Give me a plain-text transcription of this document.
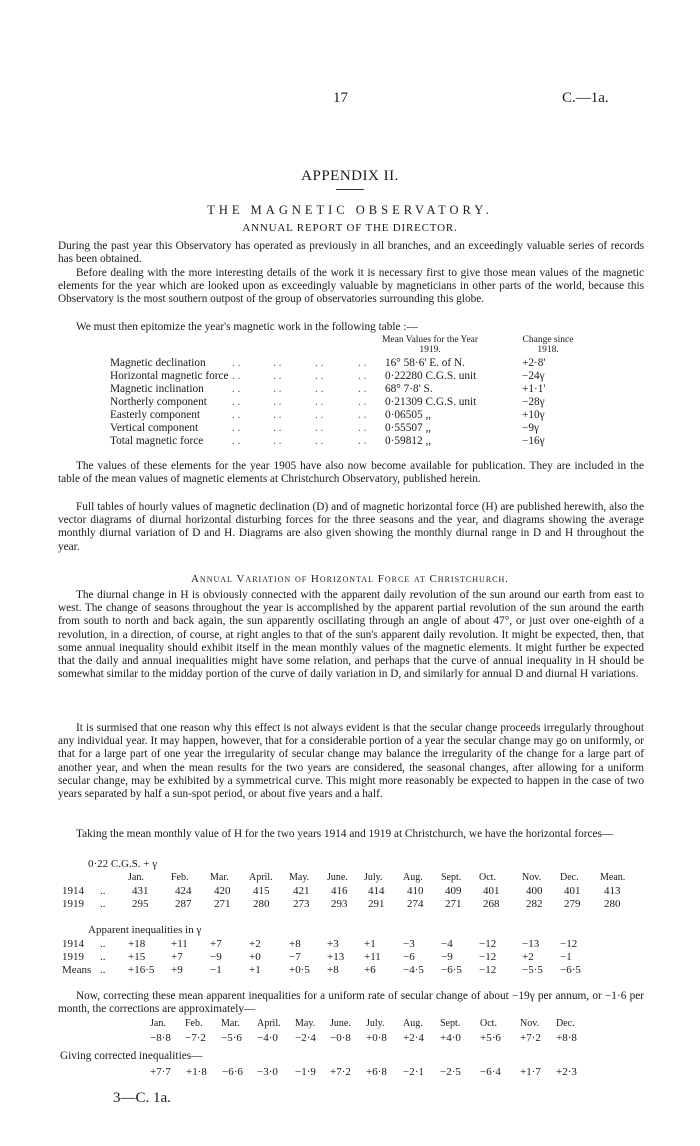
17	C.—1a.
APPENDIX II.
THE MAGNETIC OBSERVATORY.
ANNUAL REPORT OF THE DIRECTOR.
During the past year this Observatory has operated as previously in all branches, and an exceedingly valuable series of records has been obtained.
Before dealing with the more interesting details of the work it is necessary first to give those mean values of the magnetic elements for the year which are looked upon as exceedingly valuable by magneticians in other parts of the world, because this Observatory is the most southern outpost of the group of observatories surrounding this globe.
We must then epitomize the year's magnetic work in the following table :—
Mean Values for the Year 1919.
Change since 1918.
Magnetic declination . .	. .	. .	. . 16° 58·6' E. of N.	+2·8'
Horizontal magnetic force . .	. .	. .	. . 0·22280 C.G.S. unit	−24γ
Magnetic inclination . .	. .	. .	. . 68° 7·8' S.	+1·1'
Northerly component . .	. .	. .	. . 0·21309 C.G.S. unit	−28γ
Easterly component	. .	. .	. .	. . 0·06505 ,,	+10γ
Vertical component	. .	. .	. .	. . 0·55507 ,,	−9γ
Total magnetic force	. .	. .	. .	. . 0·59812 ,,	−16γ
The values of these elements for the year 1905 have also now become available for publication. They are included in the table of the mean values of magnetic elements at Christchurch Observatory, published herein.
Full tables of hourly values of magnetic declination (D) and of magnetic horizontal force (H) are published herewith, also the vector diagrams of diurnal horizontal disturbing forces for the three seasons and the year, and diagrams showing the average monthly diurnal variation of D and H. Diagrams are also given showing the monthly diurnal range in D and H throughout the year.
Annual Variation of Horizontal Force at Christchurch.
The diurnal change in H is obviously connected with the apparent daily revolution of the sun around our earth from east to west. The change of seasons throughout the year is accomplished by the apparent partial revolution of the sun around the earth from south to north and back again, the sun apparently oscillating through an angle of about 47°, or just over one-eighth of a revolution, in a direction, of course, at right angles to that of the sun's apparent daily revolution. It might be expected, then, that some annual inequality should exhibit itself in the mean monthly values of the magnetic elements. It might further be expected that the daily and annual inequalities might have some relation, and perhaps that the curve of annual inequality in H should be somewhat similar to the midday portion of the curve of daily variation in D, and similarly for annual D and diurnal H variations.
It is surmised that one reason why this effect is not always evident is that the secular change proceeds irregularly throughout any individual year. It may happen, however, that for a considerable portion of a year the secular change may go on uniformly, or that for a large part of one year the irregularity of secular change may balance the irregularity of the change for a large part of another year, and when the mean results for the two years are considered, the seasonal changes, after allowing for a uniform secular change, may be exhibited by a symmetrical curve. This might more reasonably be expected to happen in the case of two years separated by half a sun-spot period, or about five years and a half.
Taking the mean monthly value of H for the two years 1914 and 1919 at Christchurch, we have the horizontal forces—
0·22 C.G.S. + γ
Jan.	Feb. Mar. April. May. June. July. Aug. Sept. Oct.	Nov. Dec. Mean.
1914 .. 431 424 420 415 421 416 414 410 409 401 400 401 413
1919 .. 295 287 271 280 273 293 291 274 271 268 282 279 280
Apparent inequalities in γ
1914 .. +18 +11 +7 +2	+8 +3 +1 −3 −4 −12 −13 −12
1919 .. +15 +7 −9 +0	−7 +13 +11 −6 −9 −12 +2 −1
Means .. +16·5 +9 −1 +1	+0·5 +8 +6 −4·5 −6·5 −12 −5·5 −6·5
Now, correcting these mean apparent inequalities for a uniform rate of secular change of about −19γ per annum, or −1·6 per month, the corrections are approximately—
Jan. Feb. Mar. April. May. June. July. Aug. Sept. Oct. Nov. Dec.
−8·8 −7·2 −5·6 −4·0 −2·4 −0·8 +0·8 +2·4 +4·0 +5·6 +7·2 +8·8
Giving corrected inequalities—
+7·7 +1·8 −6·6 −3·0 −1·9 +7·2 +6·8 −2·1 −2·5 −6·4 +1·7 +2·3
3—C. 1a.
